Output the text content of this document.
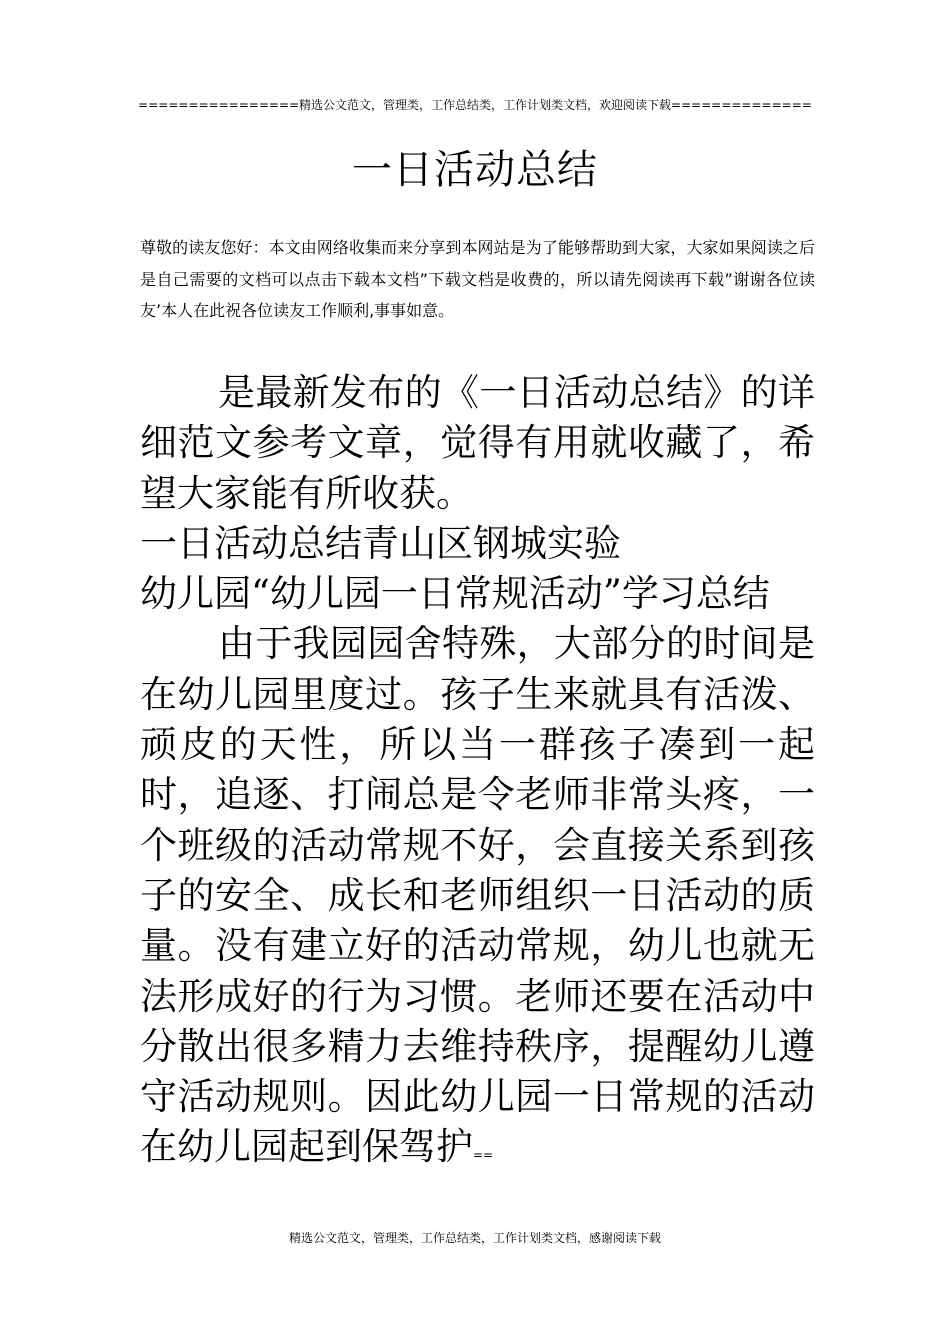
================精选公文范文，管理类，工作总结类，工作计划类文档，欢迎阅读下载==============
一日活动总结
尊敬的读友您好：本文由网络收集而来分享到本网站是为了能够帮助到大家，大家如果阅读之后是自己需要的文档可以点击下载本文档”下载文档是收费的，所以请先阅读再下载”谢谢各位读友’本人在此祝各位读友工作顺利,事事如意。

是最新发布的《一日活动总结》的详细范文参考文章，觉得有用就收藏了，希望大家能有所收获。

一日活动总结青山区钢城实验

幼儿园“幼儿园一日常规活动”学习总结

由于我园园舍特殊，大部分的时间是在幼儿园里度过。孩子生来就具有活泼、顽皮的天性，所以当一群孩子凑到一起时，追逐、打闹总是令老师非常头疼，一个班级的活动常规不好，会直接关系到孩子的安全、成长和老师组织一日活动的质量。没有建立好的活动常规，幼儿也就无法形成好的行为习惯。老师还要在活动中分散出很多精力去维持秩序，提醒幼儿遵守活动规则。因此幼儿园一日常规的活动在幼儿园起到保驾护==

精选公文范文，管理类，工作总结类，工作计划类文档，感谢阅读下载
